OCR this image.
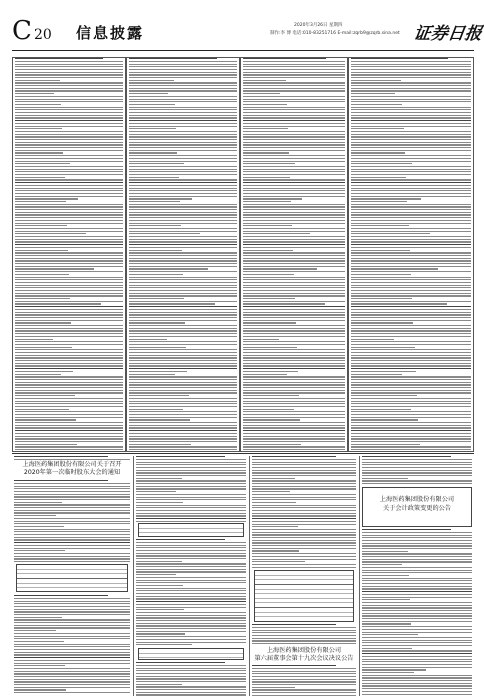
C 20 信息披露	2020年3月26日 星期四
制作:李 博 电话:010-83251716 E-mail:zqrb9@zqrb.sina.net 证券日报
上海医药集团股份有限公司关于召开
2020年第一次临时股东大会的通知
上海医药集团股份有限公司
第六届董事会第十九次会议决议公告
上海医药集团股份有限公司
关于会计政策变更的公告
